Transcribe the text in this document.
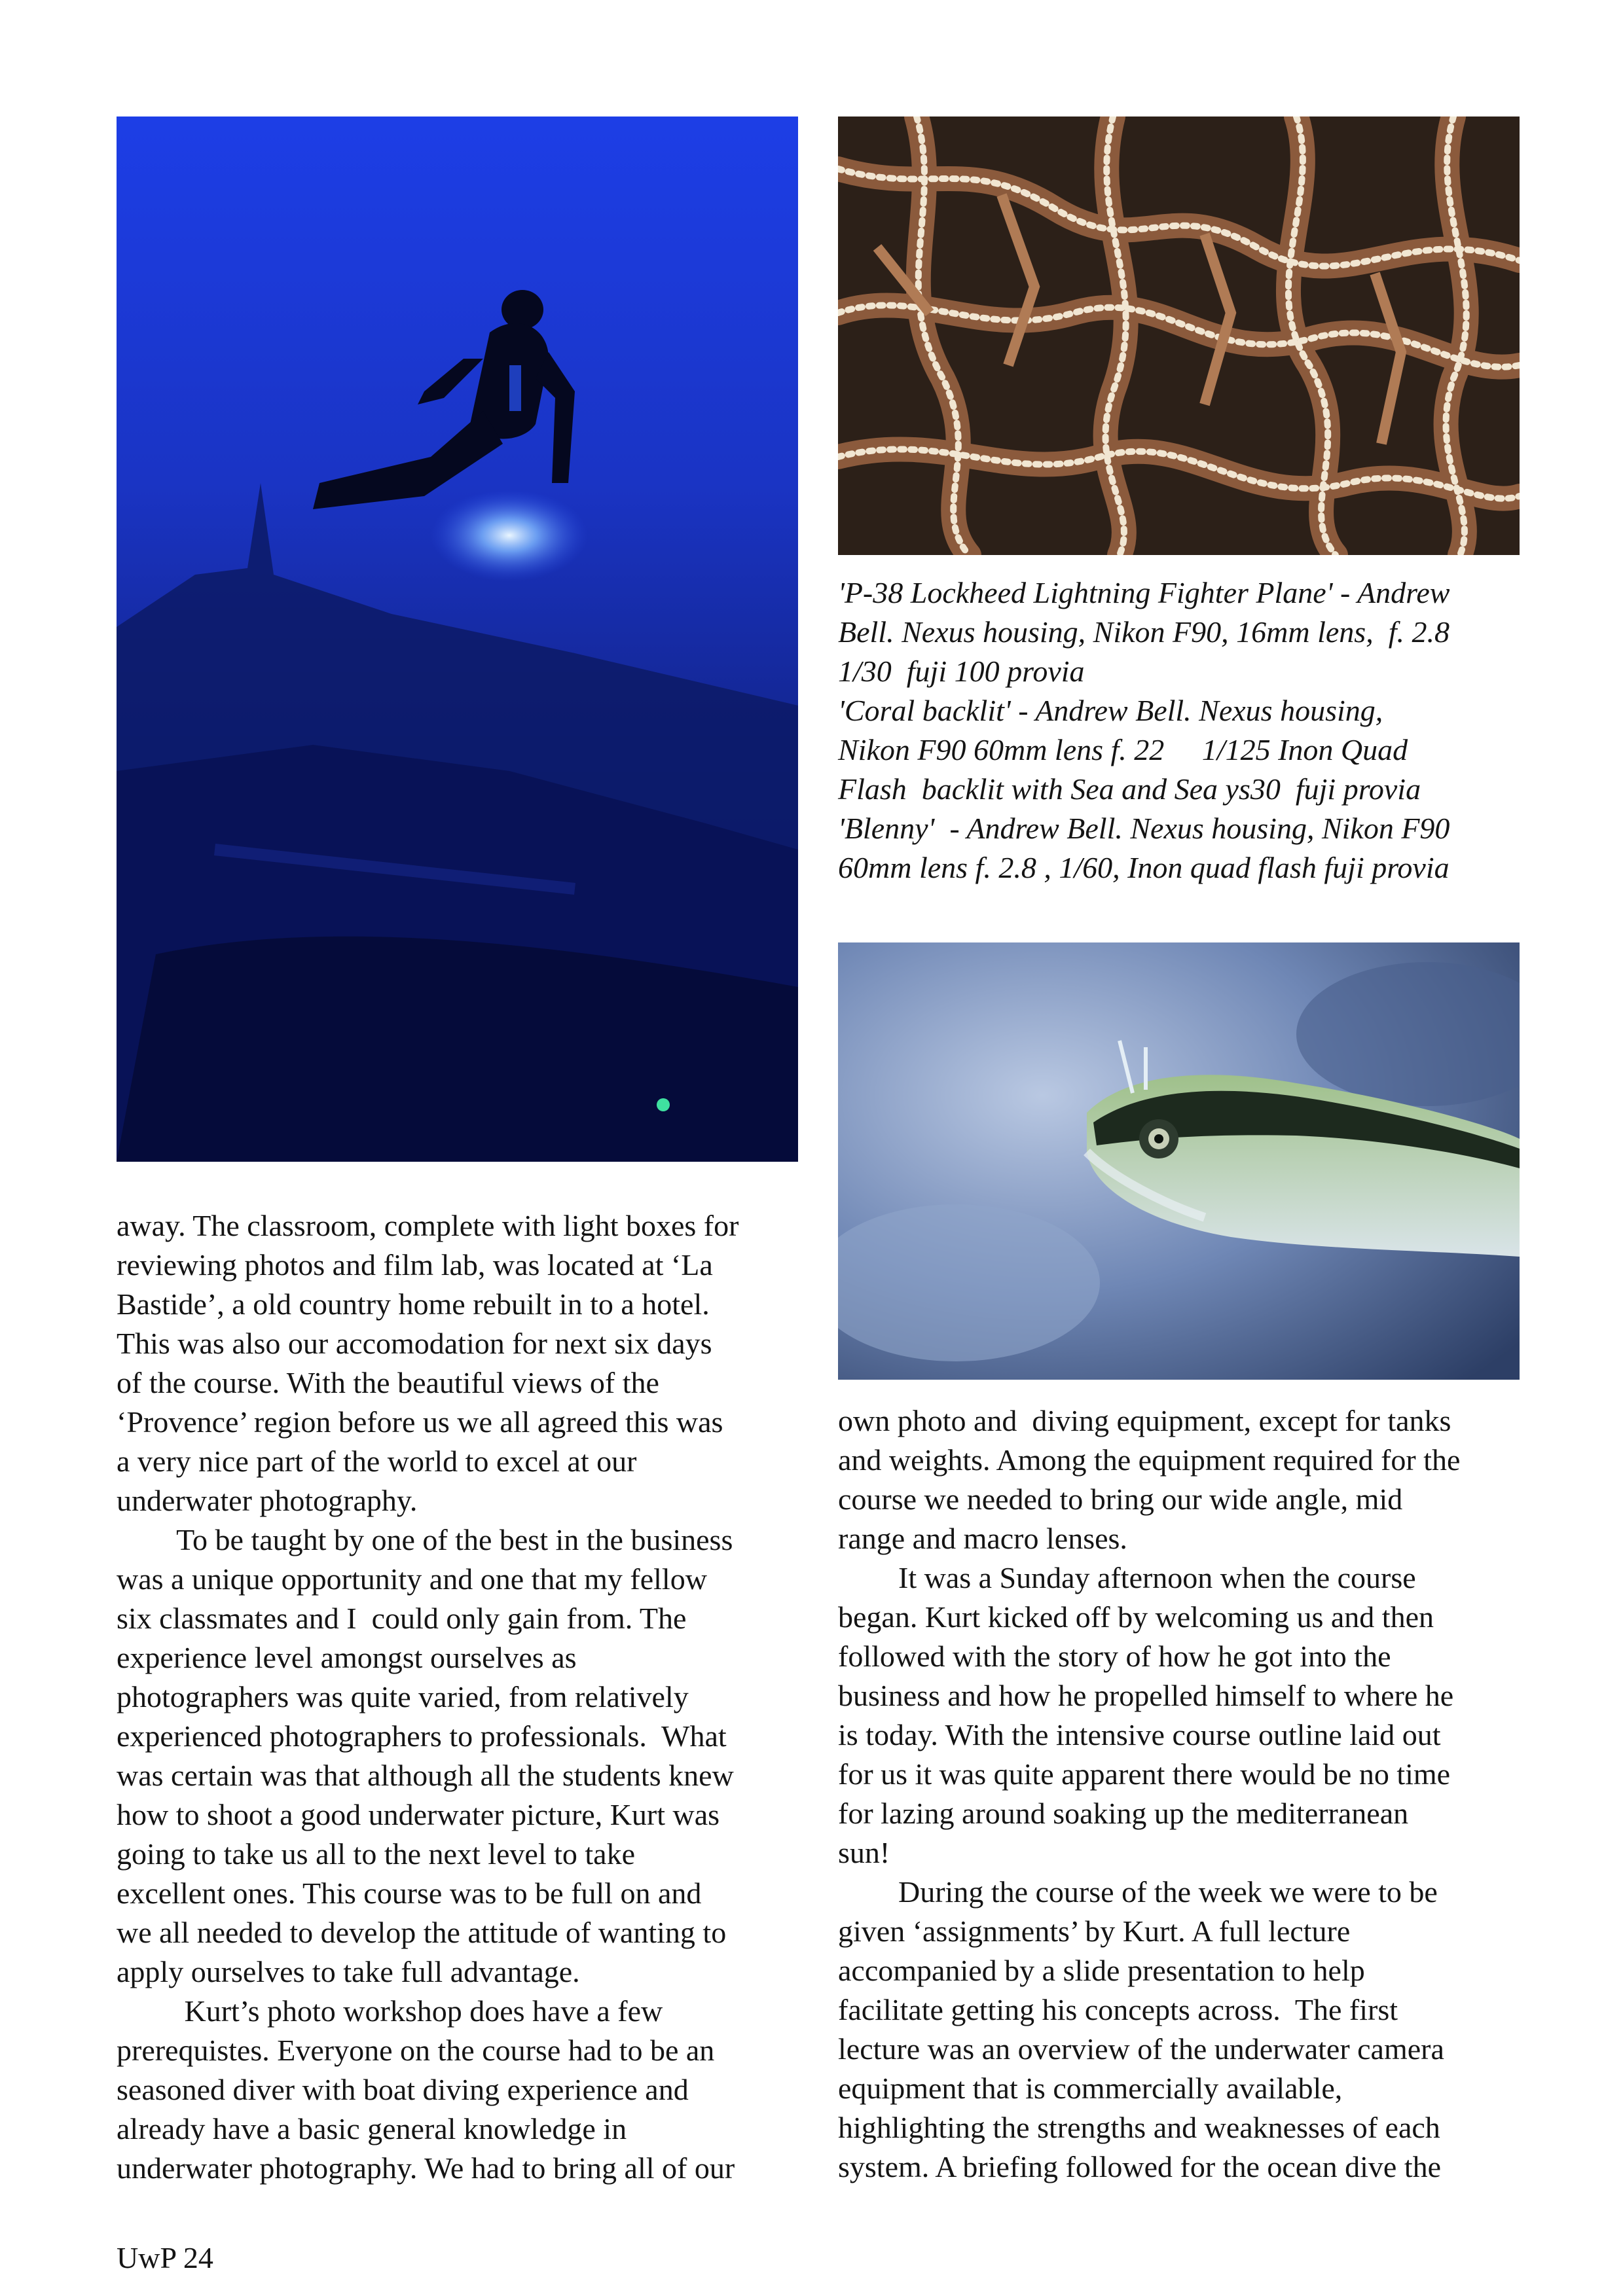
'P-38 Lockheed Lightning Fighter Plane' - Andrew

Bell. Nexus housing, Nikon F90, 16mm lens,  f. 2.8

1/30  fuji 100 provia

'Coral backlit' - Andrew Bell. Nexus housing,

Nikon F90 60mm lens f. 22     1/125 Inon Quad

Flash  backlit with Sea and Sea ys30  fuji provia

'Blenny'  - Andrew Bell. Nexus housing, Nikon F90

60mm lens f. 2.8 , 1/60, Inon quad flash fuji provia

away. The classroom, complete with light boxes for

reviewing photos and film lab, was located at ‘La

Bastide’, a old country home rebuilt in to a hotel.

This was also our accomodation for next six days

of the course. With the beautiful views of the

‘Provence’ region before us we all agreed this was

a very nice part of the world to excel at our

underwater photography.

To be taught by one of the best in the business

was a unique opportunity and one that my fellow

six classmates and I  could only gain from. The

experience level amongst ourselves as

photographers was quite varied, from relatively

experienced photographers to professionals.  What

was certain was that although all the students knew

how to shoot a good underwater picture, Kurt was

going to take us all to the next level to take

excellent ones. This course was to be full on and

we all needed to develop the attitude of wanting to

apply ourselves to take full advantage.

Kurt’s photo workshop does have a few

prerequistes. Everyone on the course had to be an

seasoned diver with boat diving experience and

already have a basic general knowledge in

underwater photography. We had to bring all of our

own photo and  diving equipment, except for tanks

and weights. Among the equipment required for the

course we needed to bring our wide angle, mid

range and macro lenses.

It was a Sunday afternoon when the course

began. Kurt kicked off by welcoming us and then

followed with the story of how he got into the

business and how he propelled himself to where he

is today. With the intensive course outline laid out

for us it was quite apparent there would be no time

for lazing around soaking up the mediterranean

sun!

During the course of the week we were to be

given ‘assignments’ by Kurt. A full lecture

accompanied by a slide presentation to help

facilitate getting his concepts across.  The first

lecture was an overview of the underwater camera

equipment that is commercially available,

highlighting the strengths and weaknesses of each

system. A briefing followed for the ocean dive the

UwP 24
